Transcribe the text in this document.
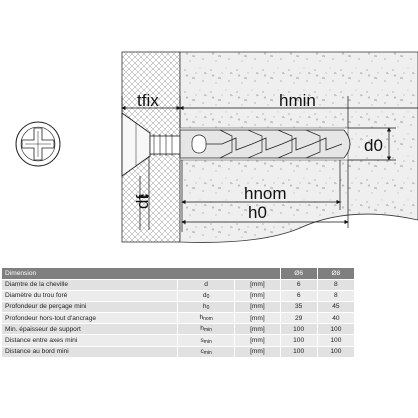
tfix	hmin
d0
df	hnom
h0
Dimension			Ø6	Ø8
Diamtre de la cheville	d	[mm]	6	8
Diamètre du trou foré	$d_0$	[mm]	6	8
Profondeur de perçage mini	$h_0$	[mm]	35	45
Profondeur hors-tout d'ancrage	$h_{nom}$	[mm]	29	40
Min. épaisseur de support	$h_{min}$	[mm]	100	100
Distance entre axes mini	$s_{min}$	[mm]	100	100
Distance au bord mini	$c_{min}$	[mm]	100	100
